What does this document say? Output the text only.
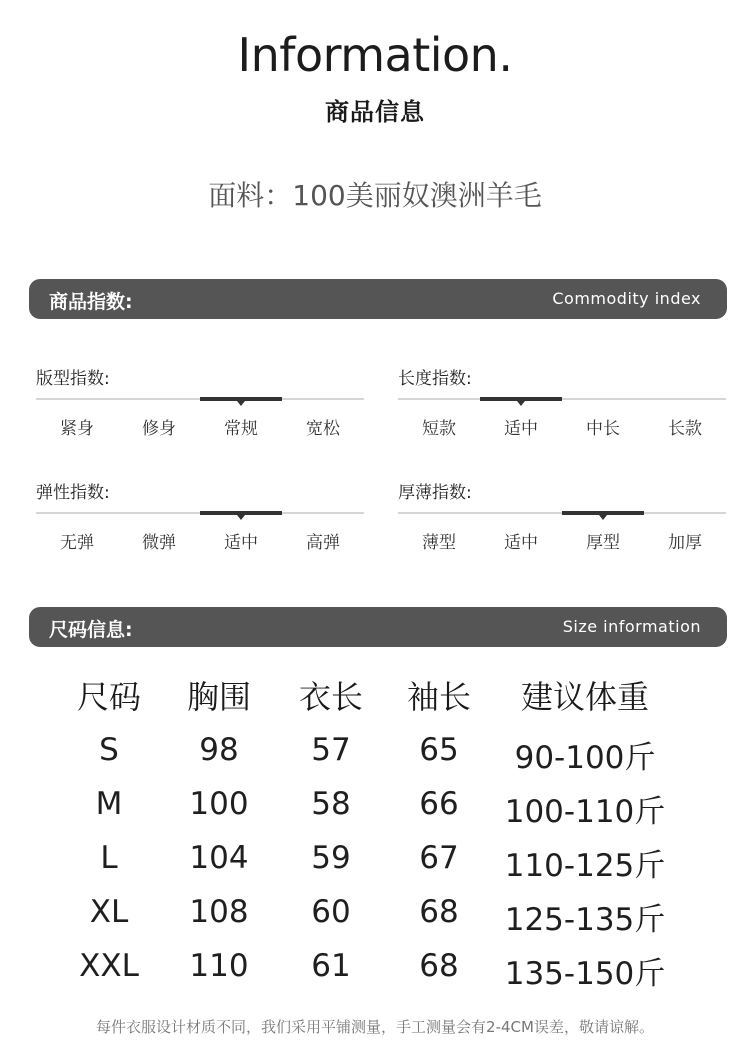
Information.
商品信息
面料：100美丽奴澳洲羊毛
商品指数:	Commodity index
版型指数:
紧身	修身	常规	宽松
长度指数:
短款	适中	中长	长款
弹性指数:
无弹	微弹	适中	高弹
厚薄指数:
薄型	适中	厚型	加厚
尺码信息:	Size information
尺码	胸围	衣长	袖长	建议体重
S	98	57	65	90-100斤
M	100	58	66	100-110斤
L	104	59	67	110-125斤
XL	108	60	68	125-135斤
XXL	110	61	68	135-150斤
每件衣服设计材质不同，我们采用平铺测量，手工测量会有2-4CM误差，敬请谅解。
